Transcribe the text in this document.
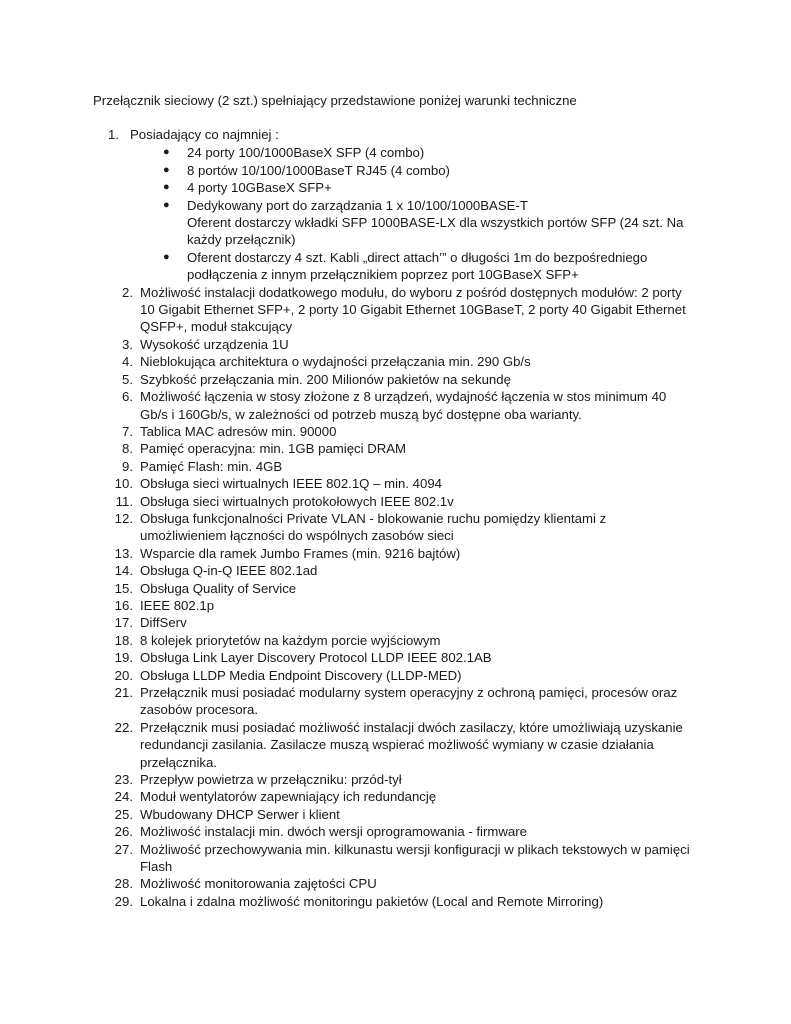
Przełącznik sieciowy (2 szt.) spełniający przedstawione poniżej warunki techniczne
1. Posiadający co najmniej :
● 24 porty 100/1000BaseX SFP (4 combo)
● 8 portów 10/100/1000BaseT RJ45 (4 combo)
● 4 porty 10GBaseX SFP+
● Dedykowany port do zarządzania 1 x 10/100/1000BASE-T
Oferent dostarczy wkładki SFP 1000BASE-LX dla wszystkich portów SFP (24 szt. Na każdy przełącznik)
● Oferent dostarczy 4 szt. Kabli „direct attach’” o długości 1m do bezpośredniego podłączenia z innym przełącznikiem poprzez port 10GBaseX SFP+
2. Możliwość instalacji dodatkowego modułu, do wyboru z pośród dostępnych modułów: 2 porty 10 Gigabit Ethernet SFP+, 2 porty 10 Gigabit Ethernet 10GBaseT, 2 porty 40 Gigabit Ethernet QSFP+, moduł stakcujący
3. Wysokość urządzenia 1U
4. Nieblokująca architektura o wydajności przełączania min. 290 Gb/s
5. Szybkość przełączania min. 200 Milionów pakietów na sekundę
6. Możliwość łączenia w stosy złożone z 8 urządzeń, wydajność łączenia w stos minimum 40 Gb/s i 160Gb/s, w zależności od potrzeb muszą być dostępne oba warianty.
7. Tablica MAC adresów min. 90000
8. Pamięć operacyjna: min. 1GB pamięci DRAM
9. Pamięć Flash: min. 4GB
10. Obsługa sieci wirtualnych IEEE 802.1Q – min. 4094
11. Obsługa sieci wirtualnych protokołowych IEEE 802.1v
12. Obsługa funkcjonalności Private VLAN - blokowanie ruchu pomiędzy klientami z umożliwieniem łączności do wspólnych zasobów sieci
13. Wsparcie dla ramek Jumbo Frames (min. 9216 bajtów)
14. Obsługa Q-in-Q IEEE 802.1ad
15. Obsługa Quality of Service
16. IEEE 802.1p
17. DiffServ
18. 8 kolejek priorytetów na każdym porcie wyjściowym
19. Obsługa Link Layer Discovery Protocol LLDP IEEE 802.1AB
20. Obsługa LLDP Media Endpoint Discovery (LLDP-MED)
21. Przełącznik musi posiadać modularny system operacyjny z ochroną pamięci, procesów oraz zasobów procesora.
22. Przełącznik musi posiadać możliwość instalacji dwóch zasilaczy, które umożliwiają uzyskanie redundancji zasilania. Zasilacze muszą wspierać możliwość wymiany w czasie działania przełącznika.
23. Przepływ powietrza w przełączniku: przód-tył
24. Moduł wentylatorów zapewniający ich redundancję
25. Wbudowany DHCP Serwer i klient
26. Możliwość instalacji min. dwóch wersji oprogramowania - firmware
27. Możliwość przechowywania min. kilkunastu wersji konfiguracji w plikach tekstowych w pamięci Flash
28. Możliwość monitorowania zajętości CPU
29. Lokalna i zdalna możliwość monitoringu pakietów (Local and Remote Mirroring)
